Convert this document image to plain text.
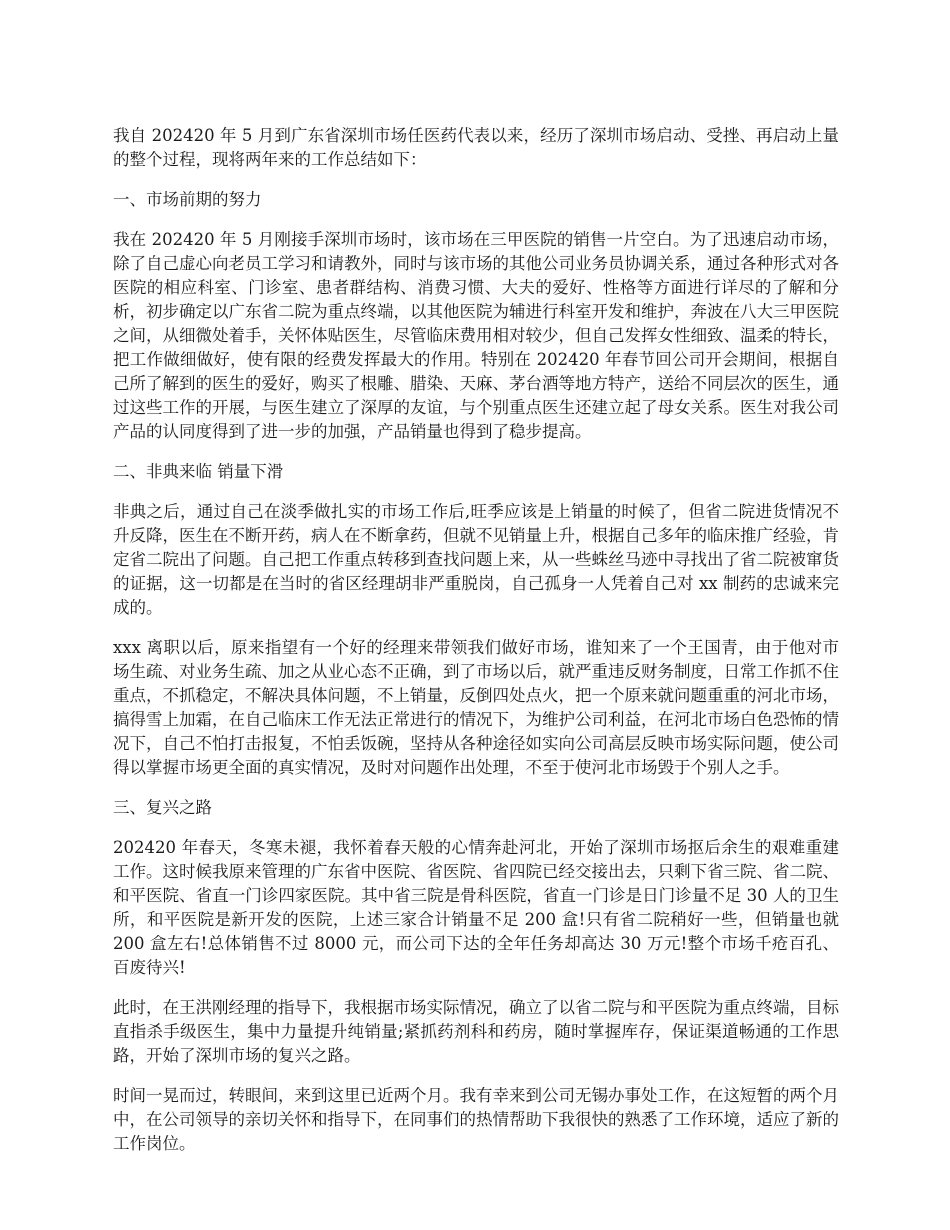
我自 202420 年 5 月到广东省深圳市场任医药代表以来，经历了深圳市场启动、受挫、再启动上量的整个过程，现将两年来的工作总结如下：

一、市场前期的努力

我在 202420 年 5 月刚接手深圳市场时，该市场在三甲医院的销售一片空白。为了迅速启动市场，除了自己虚心向老员工学习和请教外，同时与该市场的其他公司业务员协调关系，通过各种形式对各医院的相应科室、门诊室、患者群结构、消费习惯、大夫的爱好、性格等方面进行详尽的了解和分析，初步确定以广东省二院为重点终端，以其他医院为辅进行科室开发和维护，奔波在八大三甲医院之间，从细微处着手，关怀体贴医生，尽管临床费用相对较少，但自己发挥女性细致、温柔的特长，把工作做细做好，使有限的经费发挥最大的作用。特别在 202420 年春节回公司开会期间，根据自己所了解到的医生的爱好，购买了根雕、腊染、天麻、茅台酒等地方特产，送给不同层次的医生，通过这些工作的开展，与医生建立了深厚的友谊，与个别重点医生还建立起了母女关系。医生对我公司产品的认同度得到了进一步的加强，产品销量也得到了稳步提高。

二、非典来临 销量下滑

非典之后，通过自己在淡季做扎实的市场工作后,旺季应该是上销量的时候了，但省二院进货情况不升反降，医生在不断开药，病人在不断拿药，但就不见销量上升，根据自己多年的临床推广经验，肯定省二院出了问题。自己把工作重点转移到查找问题上来，从一些蛛丝马迹中寻找出了省二院被窜货的证据，这一切都是在当时的省区经理胡非严重脱岗，自己孤身一人凭着自己对 xx 制药的忠诚来完成的。

xxx 离职以后，原来指望有一个好的经理来带领我们做好市场，谁知来了一个王国青，由于他对市场生疏、对业务生疏、加之从业心态不正确，到了市场以后，就严重违反财务制度，日常工作抓不住重点，不抓稳定，不解决具体问题，不上销量，反倒四处点火，把一个原来就问题重重的河北市场，搞得雪上加霜，在自己临床工作无法正常进行的情况下，为维护公司利益，在河北市场白色恐怖的情况下，自己不怕打击报复，不怕丢饭碗，坚持从各种途径如实向公司高层反映市场实际问题，使公司得以掌握市场更全面的真实情况，及时对问题作出处理，不至于使河北市场毁于个别人之手。

三、复兴之路

202420 年春天，冬寒未褪，我怀着春天般的心情奔赴河北，开始了深圳市场抠后余生的艰难重建工作。这时候我原来管理的广东省中医院、省医院、省四院已经交接出去，只剩下省三院、省二院、和平医院、省直一门诊四家医院。其中省三院是骨科医院，省直一门诊是日门诊量不足 30 人的卫生所，和平医院是新开发的医院，上述三家合计销量不足 200 盒!只有省二院稍好一些，但销量也就 200 盒左右!总体销售不过 8000 元，而公司下达的全年任务却高达 30 万元!整个市场千疮百孔、百废待兴!

此时，在王洪刚经理的指导下，我根据市场实际情况，确立了以省二院与和平医院为重点终端，目标直指杀手级医生，集中力量提升纯销量;紧抓药剂科和药房，随时掌握库存，保证渠道畅通的工作思路，开始了深圳市场的复兴之路。

时间一晃而过，转眼间，来到这里已近两个月。我有幸来到公司无锡办事处工作，在这短暂的两个月中，在公司领导的亲切关怀和指导下，在同事们的热情帮助下我很快的熟悉了工作环境，适应了新的工作岗位。
